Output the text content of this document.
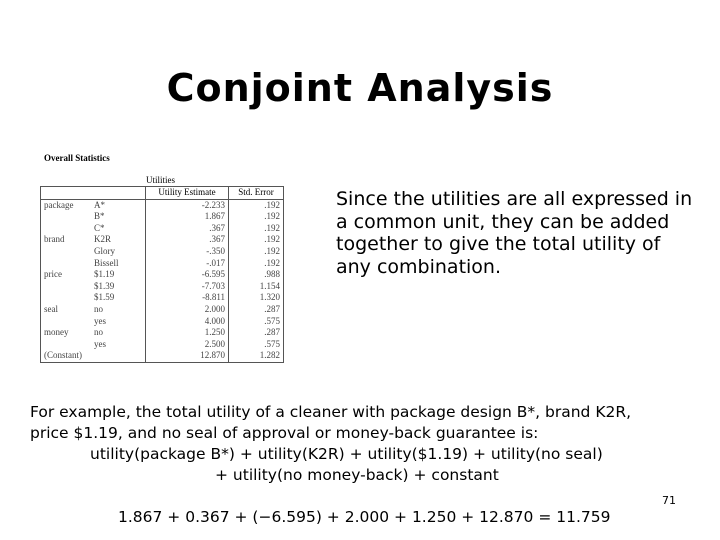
Conjoint Analysis
Overall Statistics
Utilities
		Utility Estimate	Std. Error
package	A*	-2.233	.192
	B*	1.867	.192
	C*	.367	.192
brand	K2R	.367	.192
	Glory	-.350	.192
	Bissell	-.017	.192
price	$1.19	-6.595	.988
	$1.39	-7.703	1.154
	$1.59	-8.811	1.320
seal	no	2.000	.287
	yes	4.000	.575
money	no	1.250	.287
	yes	2.500	.575
(Constant)		12.870	1.282
Since the utilities are all expressed in a common unit, they can be added together to give the total utility of any combination.
For example, the total utility of a cleaner with package design B*, brand K2R,
price $1.19, and no seal of approval or money-back guarantee is:
utility(package B*) + utility(K2R) + utility($1.19) + utility(no seal)
+ utility(no money-back) + constant
1.867 + 0.367 + (−6.595) + 2.000 + 1.250 + 12.870 = 11.759
71
